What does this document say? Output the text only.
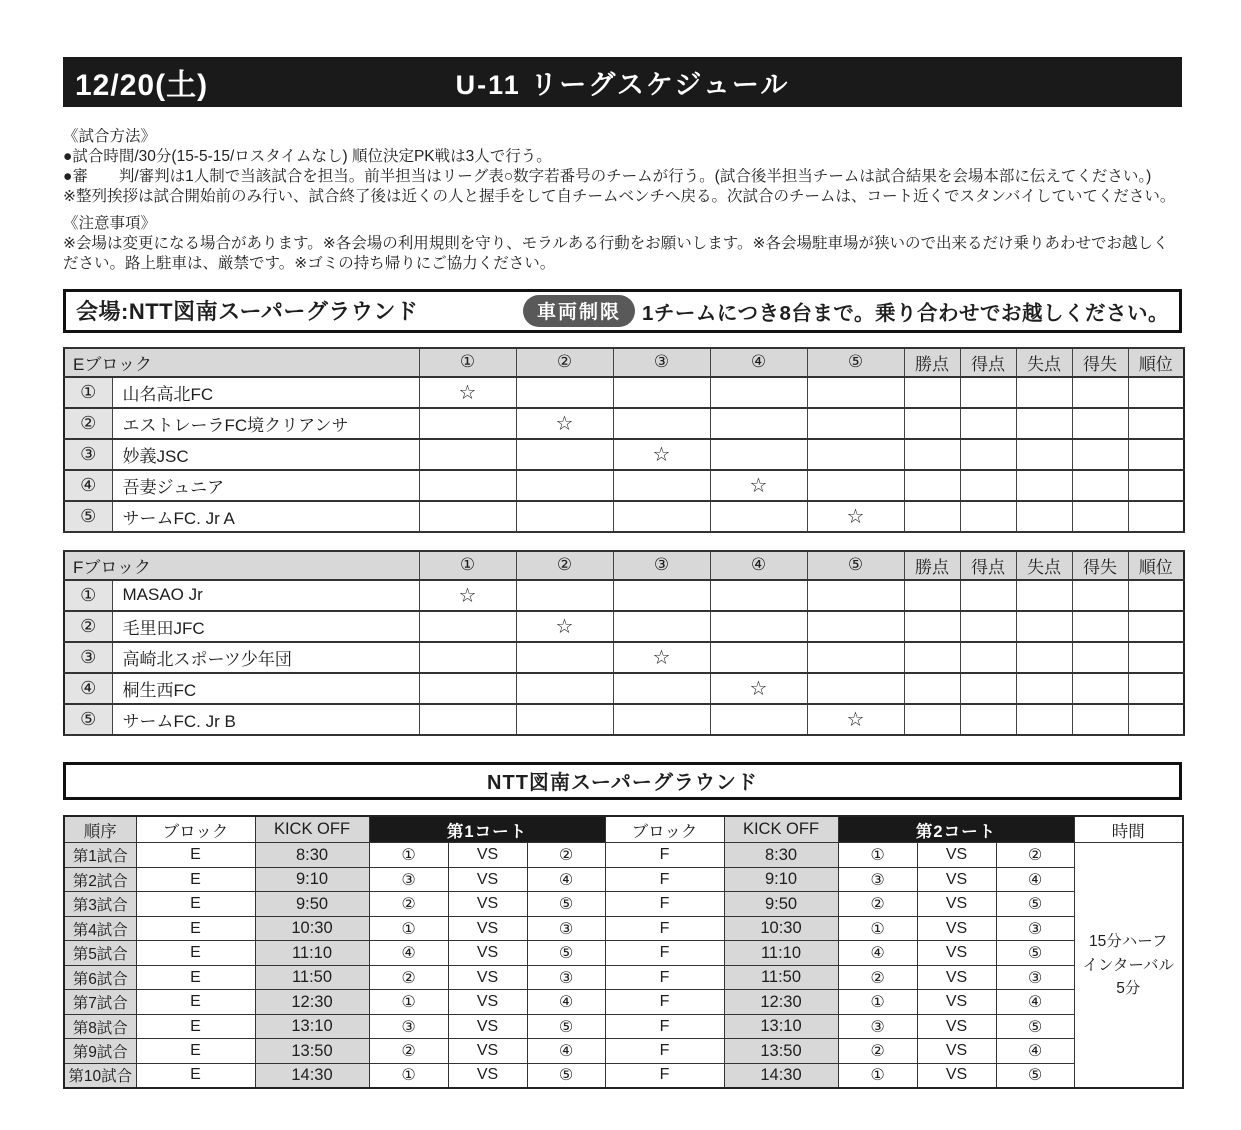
12/20(土)	U-11 リーグスケジュール
《試合方法》
●試合時間/30分(15-5-15/ロスタイムなし) 順位決定PK戦は3人で行う。
●審　　判/審判は1人制で当該試合を担当。前半担当はリーグ表○数字若番号のチームが行う。(試合後半担当チームは試合結果を会場本部に伝えてください。)
※整列挨拶は試合開始前のみ行い、試合終了後は近くの人と握手をして自チームベンチへ戻る。次試合のチームは、コート近くでスタンバイしていてください。
《注意事項》
※会場は変更になる場合があります。※各会場の利用規則を守り、モラルある行動をお願いします。※各会場駐車場が狭いので出来るだけ乗りあわせでお越しください。路上駐車は、厳禁です。※ゴミの持ち帰りにご協力ください。
会場:NTT図南スーパーグラウンド	車両制限	1チームにつき8台まで。乗り合わせでお越しください。
Eブロック		①	②	③	④	⑤	勝点	得点	失点	得失	順位
①	山名高北FC	☆									
②	エストレーラFC境クリアンサ		☆								
③	妙義JSC			☆							
④	吾妻ジュニア				☆						
⑤	サームFC. Jr A					☆					
Fブロック		①	②	③	④	⑤	勝点	得点	失点	得失	順位
①	MASAO Jr	☆									
②	毛里田JFC		☆								
③	高崎北スポーツ少年団			☆							
④	桐生西FC				☆						
⑤	サームFC. Jr B					☆					
NTT図南スーパーグラウンド
順序	ブロック	KICK OFF	第1コート			ブロック	KICK OFF	第2コート			時間
第1試合	E	8:30	①	VS	②	F	8:30	①	VS	②	15分ハーフ
インターバル
5分

第2試合	E	9:10	③	VS	④	F	9:10	③	VS	④	
第3試合	E	9:50	②	VS	⑤	F	9:50	②	VS	⑤	
第4試合	E	10:30	①	VS	③	F	10:30	①	VS	③	
第5試合	E	11:10	④	VS	⑤	F	11:10	④	VS	⑤	
第6試合	E	11:50	②	VS	③	F	11:50	②	VS	③	
第7試合	E	12:30	①	VS	④	F	12:30	①	VS	④	
第8試合	E	13:10	③	VS	⑤	F	13:10	③	VS	⑤	
第9試合	E	13:50	②	VS	④	F	13:50	②	VS	④	
第10試合	E	14:30	①	VS	⑤	F	14:30	①	VS	⑤	
